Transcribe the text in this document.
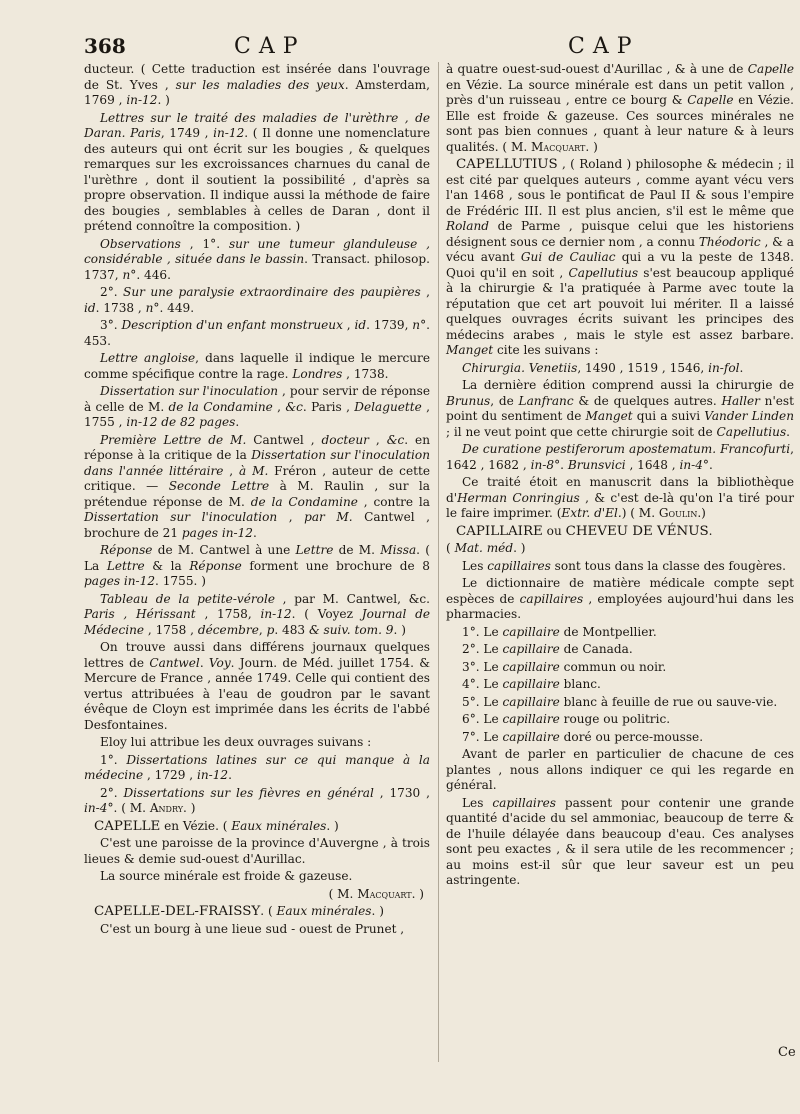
368	CAP	CAP

ducteur. ( Cette traduction est insérée dans l'ouvrage de St. Yves , sur les maladies des yeux. Amsterdam, 1769 , in-12. )

Lettres sur le traité des maladies de l'urèthre , de Daran. Paris, 1749 , in-12. ( Il donne une nomenclature des auteurs qui ont écrit sur les bougies , & quelques remarques sur les excroissances charnues du canal de l'urèthre , dont il soutient la possibilité , d'après sa propre observation. Il indique aussi la méthode de faire des bougies , semblables à celles de Daran , dont il prétend connoître la composition. )

Observations , 1°. sur une tumeur glanduleuse , considérable , située dans le bassin. Transact. philosop. 1737, n°. 446.

2°. Sur une paralysie extraordinaire des paupières , id. 1738 , n°. 449.

3°. Description d'un enfant monstrueux , id. 1739, n°. 453.

Lettre angloise, dans laquelle il indique le mercure comme spécifique contre la rage. Londres , 1738.

Dissertation sur l'inoculation , pour servir de réponse à celle de M. de la Condamine , &c. Paris , Delaguette , 1755 , in-12 de 82 pages.

Première Lettre de M. Cantwel , docteur , &c. en réponse à la critique de la Dissertation sur l'inoculation dans l'année littéraire , à M. Fréron , auteur de cette critique. — Seconde Lettre à M. Raulin , sur la prétendue réponse de M. de la Condamine , contre la Dissertation sur l'inoculation , par M. Cantwel , brochure de 21 pages in-12.

Réponse de M. Cantwel à une Lettre de M. Missa. ( La Lettre & la Réponse forment une brochure de 8 pages in-12. 1755. )

Tableau de la petite-vérole , par M. Cantwel, &c. Paris , Hérissant , 1758, in-12. ( Voyez Journal de Médecine , 1758 , décembre, p. 483 & suiv. tom. 9. )

On trouve aussi dans différens journaux quelques lettres de Cantwel. Voy. Journ. de Méd. juillet 1754. & Mercure de France , année 1749. Celle qui contient des vertus attribuées à l'eau de goudron par le savant évêque de Cloyn est imprimée dans les écrits de l'abbé Desfontaines.

Eloy lui attribue les deux ouvrages suivans :

1°. Dissertations latines sur ce qui manque à la médecine , 1729 , in-12.

2°. Dissertations sur les fièvres en général , 1730 , in-4°. ( M. Andry. )

CAPELLE en Vézie. ( Eaux minérales. )

C'est une paroisse de la province d'Auvergne , à trois lieues & demie sud-ouest d'Aurillac.

La source minérale est froide & gazeuse.

( M. Macquart. )

CAPELLE-DEL-FRAISSY. ( Eaux minérales. )

C'est un bourg à une lieue sud - ouest de Prunet ,

à quatre ouest-sud-ouest d'Aurillac , & à une de Capelle en Vézie. La source minérale est dans un petit vallon , près d'un ruisseau , entre ce bourg & Capelle en Vézie. Elle est froide & gazeuse. Ces sources minérales ne sont pas bien connues , quant à leur nature & à leurs qualités. ( M. Macquart. )

CAPELLUTIUS , ( Roland ) philosophe & médecin ; il est cité par quelques auteurs , comme ayant vécu vers l'an 1468 , sous le pontificat de Paul II & sous l'empire de Frédéric III. Il est plus ancien, s'il est le même que Roland de Parme , puisque celui que les historiens désignent sous ce dernier nom , a connu Théodoric , & a vécu avant Gui de Cauliac qui a vu la peste de 1348. Quoi qu'il en soit , Capellutius s'est beaucoup appliqué à la chirurgie & l'a pratiquée à Parme avec toute la réputation que cet art pouvoit lui mériter. Il a laissé quelques ouvrages écrits suivant les principes des médecins arabes , mais le style est assez barbare. Manget cite les suivans :

Chirurgia. Venetiis, 1490 , 1519 , 1546, in-fol.

La dernière édition comprend aussi la chirurgie de Brunus, de Lanfranc & de quelques autres. Haller n'est point du sentiment de Manget qui a suivi Vander Linden ; il ne veut point que cette chirurgie soit de Capellutius.

De curatione pestiferorum apostematum. Francofurti, 1642 , 1682 , in-8°. Brunsvici , 1648 , in-4°.

Ce traité étoit en manuscrit dans la bibliothèque d'Herman Conringius , & c'est de-là qu'on l'a tiré pour le faire imprimer. (Extr. d'El.) ( M. Goulin.)

CAPILLAIRE ou CHEVEU DE VÉNUS.

( Mat. méd. )

Les capillaires sont tous dans la classe des fougères.

Le dictionnaire de matière médicale compte sept espèces de capillaires , employées aujourd'hui dans les pharmacies.

1°. Le capillaire de Montpellier.

2°. Le capillaire de Canada.

3°. Le capillaire commun ou noir.

4°. Le capillaire blanc.

5°. Le capillaire blanc à feuille de rue ou sauve-vie.

6°. Le capillaire rouge ou politric.

7°. Le capillaire doré ou perce-mousse.

Avant de parler en particulier de chacune de ces plantes , nous allons indiquer ce qui les regarde en général.

Les capillaires passent pour contenir une grande quantité d'acide du sel ammoniac, beaucoup de terre & de l'huile délayée dans beaucoup d'eau. Ces analyses sont peu exactes , & il sera utile de les recommencer ; au moins est-il sûr que leur saveur est un peu astringente.

Ce
